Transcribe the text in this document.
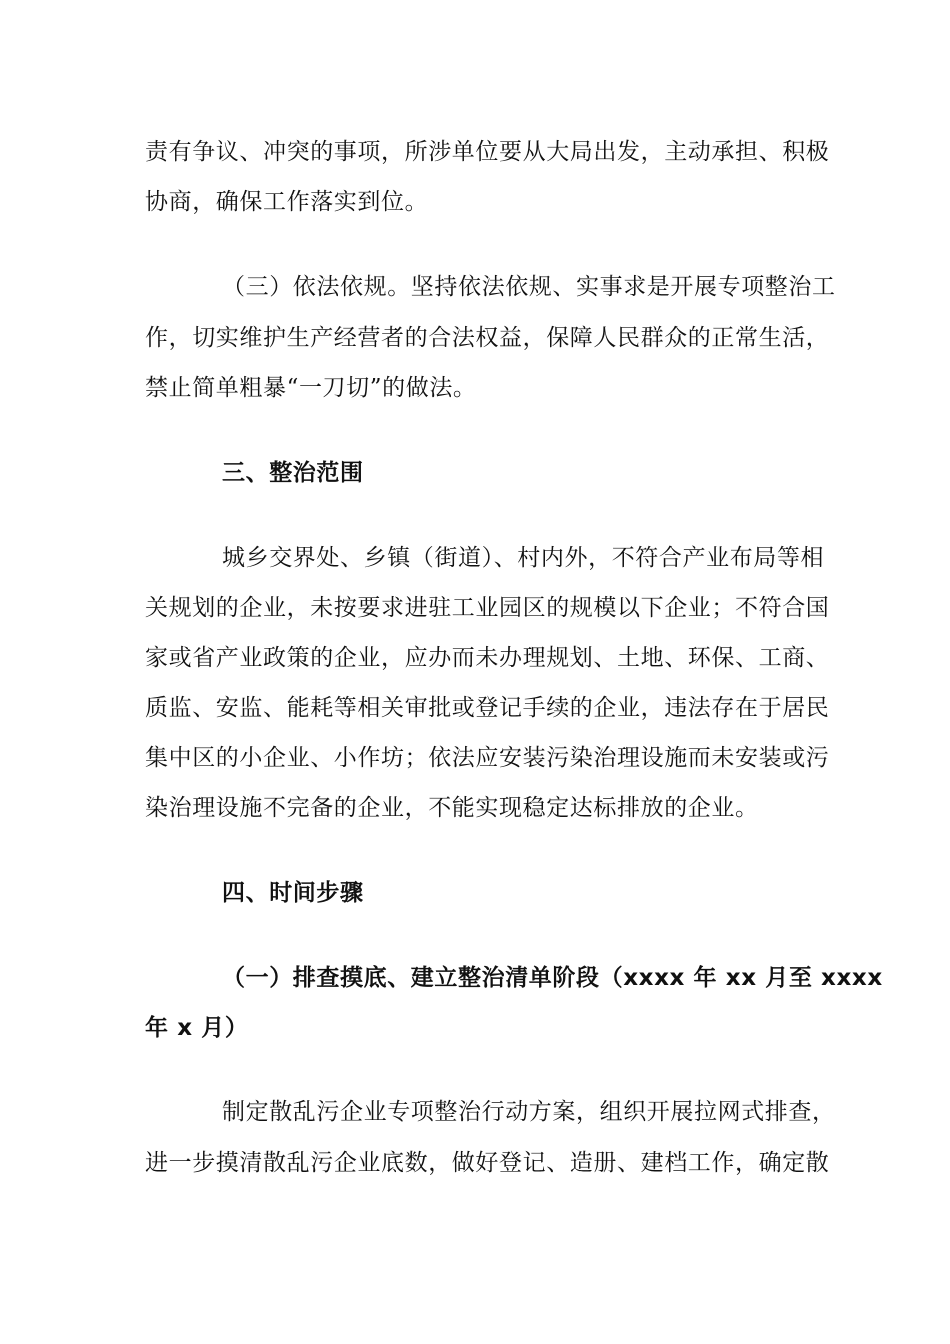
责有争议、冲突的事项，所涉单位要从大局出发，主动承担、积极
协商，确保工作落实到位。
（三）依法依规。坚持依法依规、实事求是开展专项整治工
作，切实维护生产经营者的合法权益，保障人民群众的正常生活，
禁止简单粗暴“一刀切”的做法。
三、整治范围
城乡交界处、乡镇（街道）、村内外，不符合产业布局等相
关规划的企业，未按要求进驻工业园区的规模以下企业；不符合国
家或省产业政策的企业，应办而未办理规划、土地、环保、工商、
质监、安监、能耗等相关审批或登记手续的企业，违法存在于居民
集中区的小企业、小作坊；依法应安装污染治理设施而未安装或污
染治理设施不完备的企业，不能实现稳定达标排放的企业。
四、时间步骤
（一）排查摸底、建立整治清单阶段（xxxx 年 xx 月至 xxxx
年 x 月）
制定散乱污企业专项整治行动方案，组织开展拉网式排查，
进一步摸清散乱污企业底数，做好登记、造册、建档工作，确定散
